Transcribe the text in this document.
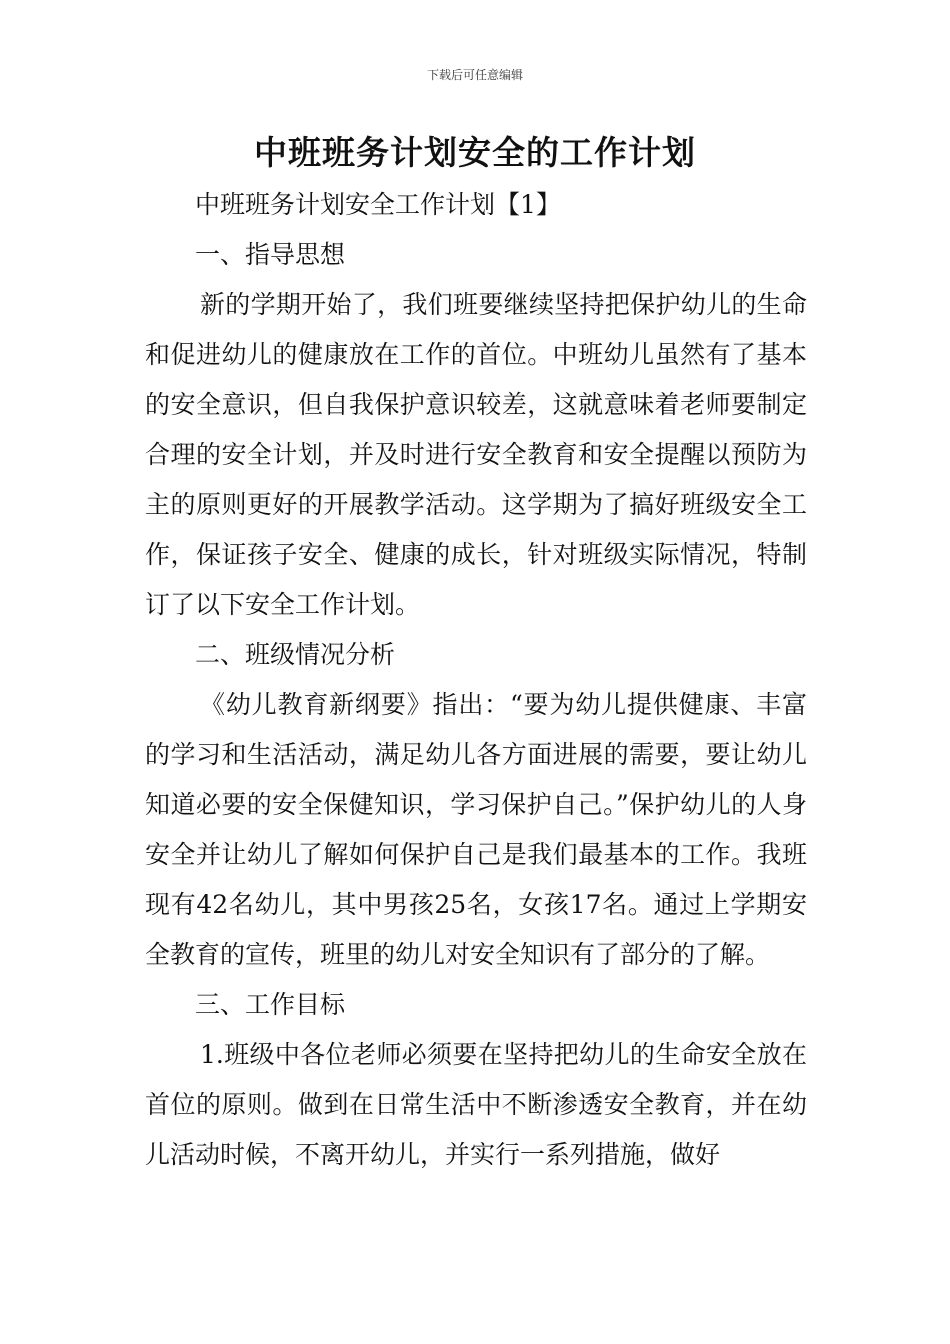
下载后可任意编辑
中班班务计划安全的工作计划

中班班务计划安全工作计划【1】

一、指导思想

新的学期开始了，我们班要继续坚持把保护幼儿的生命和促进幼儿的健康放在工作的首位。中班幼儿虽然有了基本的安全意识，但自我保护意识较差，这就意味着老师要制定合理的安全计划，并及时进行安全教育和安全提醒以预防为主的原则更好的开展教学活动。这学期为了搞好班级安全工作，保证孩子安全、健康的成长，针对班级实际情况，特制订了以下安全工作计划。

二、班级情况分析

《幼儿教育新纲要》指出：“要为幼儿提供健康、丰富的学习和生活活动，满足幼儿各方面进展的需要，要让幼儿知道必要的安全保健知识，学习保护自己。”保护幼儿的人身安全并让幼儿了解如何保护自己是我们最基本的工作。我班现有42名幼儿，其中男孩25名，女孩17名。通过上学期安全教育的宣传，班里的幼儿对安全知识有了部分的了解。

三、工作目标

1.班级中各位老师必须要在坚持把幼儿的生命安全放在首位的原则。做到在日常生活中不断渗透安全教育，并在幼儿活动时候，不离开幼儿，并实行一系列措施，做好
